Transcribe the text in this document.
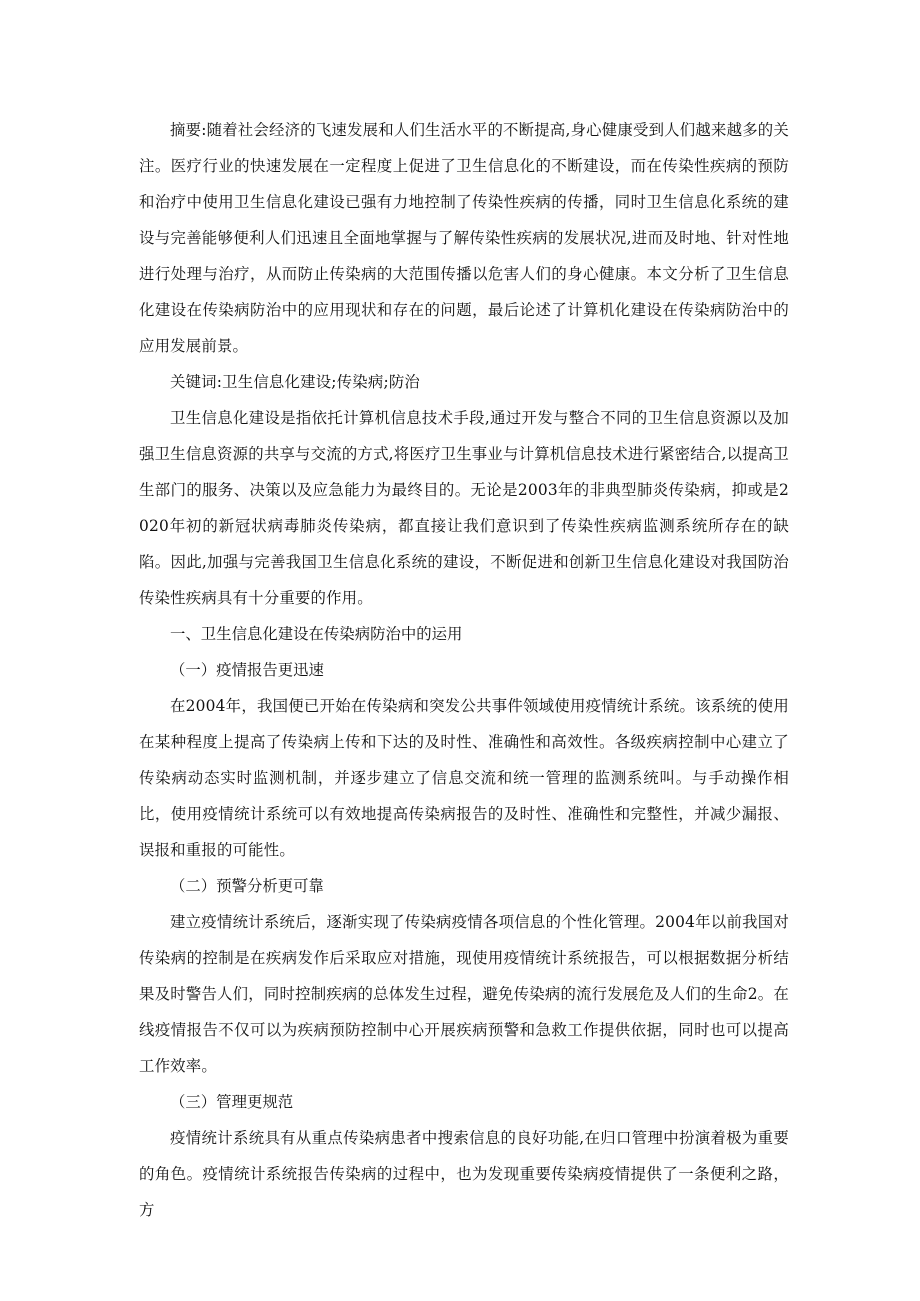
摘要:随着社会经济的飞速发展和人们生活水平的不断提高,身心健康受到人们越来越多的关注。医疗行业的快速发展在一定程度上促进了卫生信息化的不断建设，而在传染性疾病的预防和治疗中使用卫生信息化建设已强有力地控制了传染性疾病的传播，同时卫生信息化系统的建设与完善能够便利人们迅速且全面地掌握与了解传染性疾病的发展状况,进而及时地、针对性地进行处理与治疗，从而防止传染病的大范围传播以危害人们的身心健康。本文分析了卫生信息化建设在传染病防治中的应用现状和存在的问题，最后论述了计算机化建设在传染病防治中的应用发展前景。

关键词:卫生信息化建设;传染病;防治

卫生信息化建设是指依托计算机信息技术手段,通过开发与整合不同的卫生信息资源以及加强卫生信息资源的共享与交流的方式,将医疗卫生事业与计算机信息技术进行紧密结合,以提高卫生部门的服务、决策以及应急能力为最终目的。无论是2003年的非典型肺炎传染病，抑或是2020年初的新冠状病毒肺炎传染病，都直接让我们意识到了传染性疾病监测系统所存在的缺陷。因此,加强与完善我国卫生信息化系统的建设，不断促进和创新卫生信息化建设对我国防治传染性疾病具有十分重要的作用。

一、卫生信息化建设在传染病防治中的运用

（一）疫情报告更迅速

在2004年，我国便已开始在传染病和突发公共事件领域使用疫情统计系统。该系统的使用在某种程度上提高了传染病上传和下达的及时性、准确性和高效性。各级疾病控制中心建立了传染病动态实时监测机制，并逐步建立了信息交流和统一管理的监测系统叫。与手动操作相比，使用疫情统计系统可以有效地提高传染病报告的及时性、准确性和完整性，并减少漏报、误报和重报的可能性。

（二）预警分析更可靠

建立疫情统计系统后，逐渐实现了传染病疫情各项信息的个性化管理。2004年以前我国对传染病的控制是在疾病发作后采取应对措施，现使用疫情统计系统报告，可以根据数据分析结果及时警告人们，同时控制疾病的总体发生过程，避免传染病的流行发展危及人们的生命2。在线疫情报告不仅可以为疾病预防控制中心开展疾病预警和急救工作提供依据，同时也可以提高工作效率。

（三）管理更规范

疫情统计系统具有从重点传染病患者中搜索信息的良好功能,在归口管理中扮演着极为重要的角色。疫情统计系统报告传染病的过程中，也为发现重要传染病疫情提供了一条便利之路，方
